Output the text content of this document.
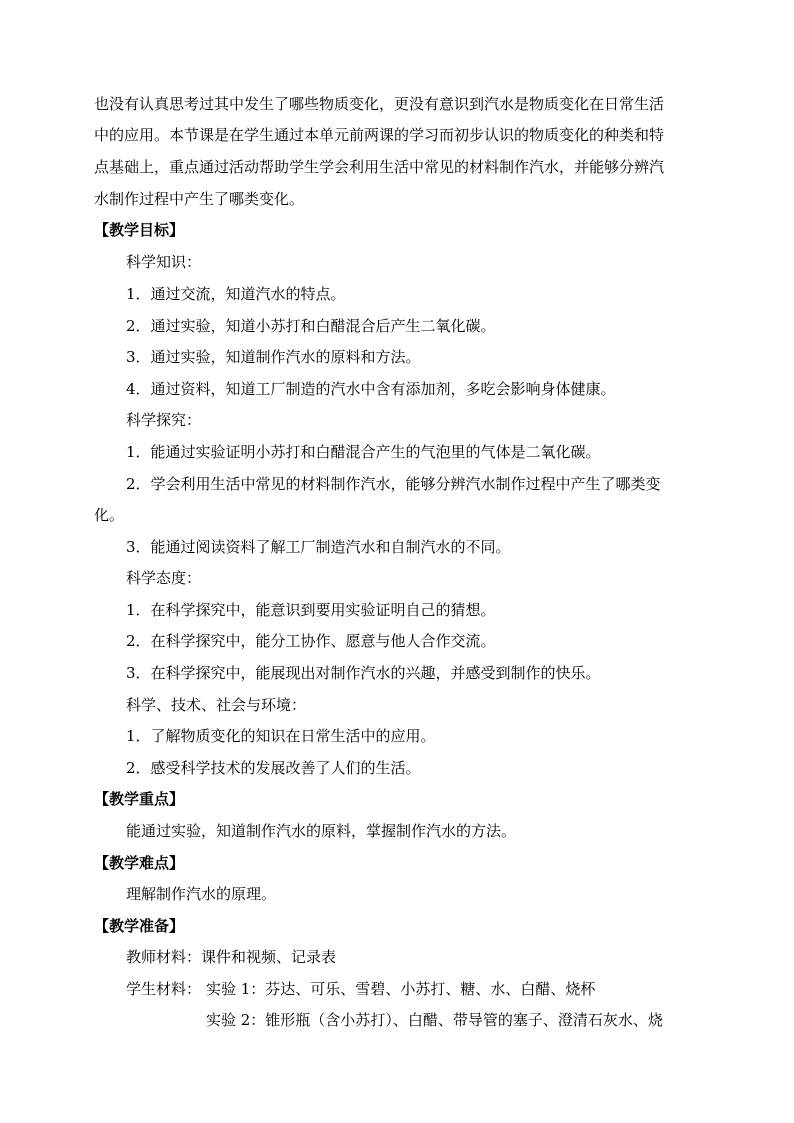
也没有认真思考过其中发生了哪些物质变化，更没有意识到汽水是物质变化在日常生活
中的应用。本节课是在学生通过本单元前两课的学习而初步认识的物质变化的种类和特
点基础上，重点通过活动帮助学生学会利用生活中常见的材料制作汽水，并能够分辨汽
水制作过程中产生了哪类变化。
【教学目标】
科学知识：
1．通过交流，知道汽水的特点。
2．通过实验，知道小苏打和白醋混合后产生二氧化碳。
3．通过实验，知道制作汽水的原料和方法。
4．通过资料，知道工厂制造的汽水中含有添加剂，多吃会影响身体健康。
科学探究：
1．能通过实验证明小苏打和白醋混合产生的气泡里的气体是二氧化碳。
2．学会利用生活中常见的材料制作汽水，能够分辨汽水制作过程中产生了哪类变
化。
3．能通过阅读资料了解工厂制造汽水和自制汽水的不同。
科学态度：
1．在科学探究中，能意识到要用实验证明自己的猜想。
2．在科学探究中，能分工协作、愿意与他人合作交流。
3．在科学探究中，能展现出对制作汽水的兴趣，并感受到制作的快乐。
科学、技术、社会与环境：
1．了解物质变化的知识在日常生活中的应用。
2．感受科学技术的发展改善了人们的生活。
【教学重点】
能通过实验，知道制作汽水的原料，掌握制作汽水的方法。
【教学难点】
理解制作汽水的原理。
【教学准备】
教师材料：课件和视频、记录表
学生材料： 实验 1：芬达、可乐、雪碧、小苏打、糖、水、白醋、烧杯
实验 2：锥形瓶（含小苏打）、白醋、带导管的塞子、澄清石灰水、烧
